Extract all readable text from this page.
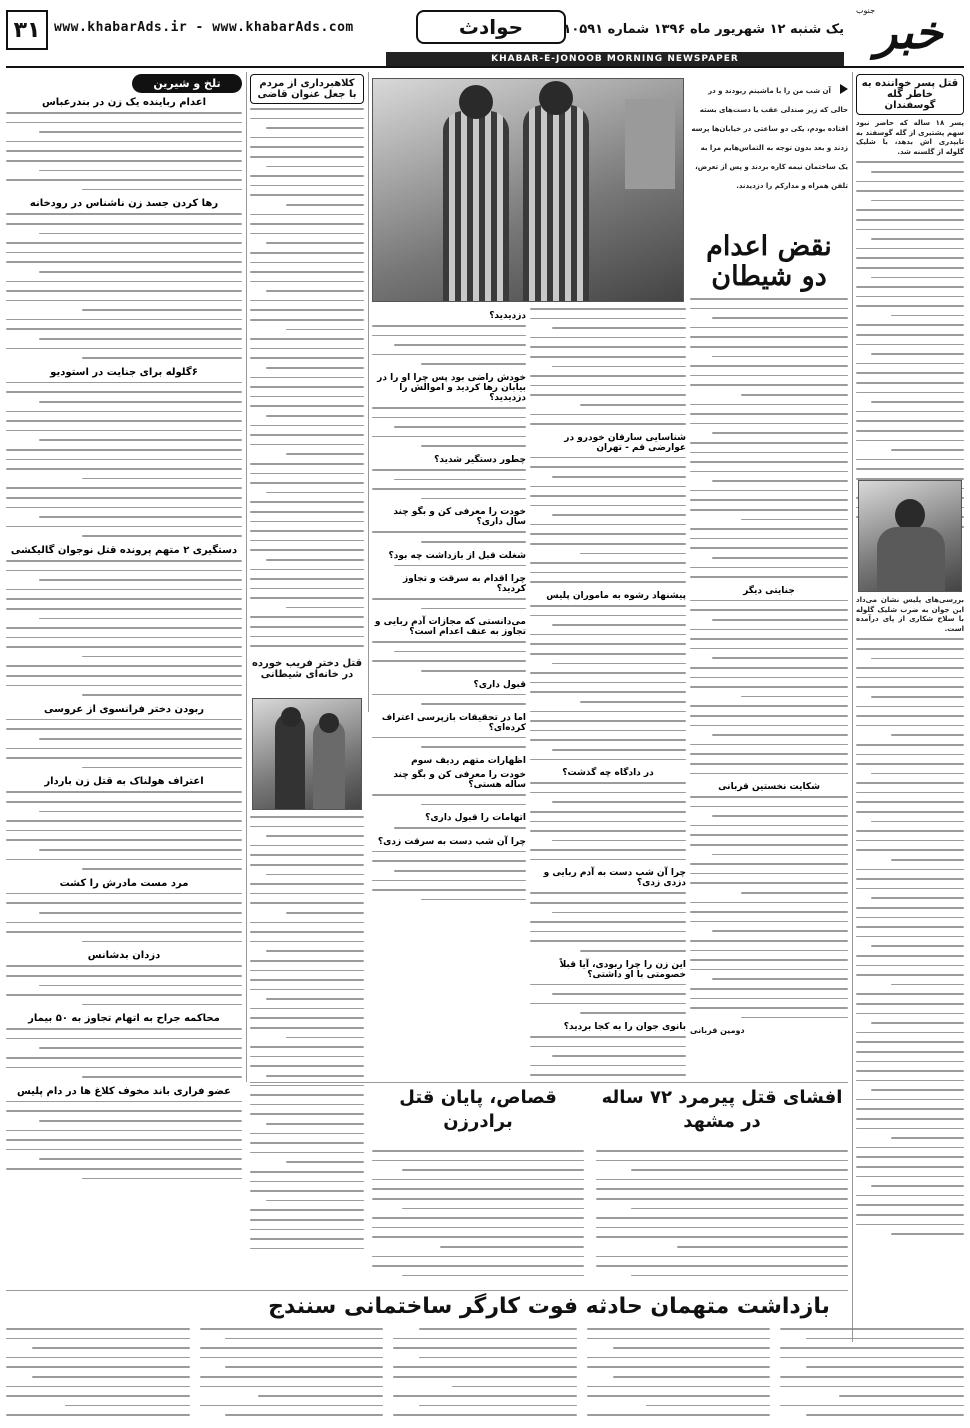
۳۱	www.khabarAds.ir - www.khabarAds.com	حوادث	یک شنبه ۱۲ شهریور ماه ۱۳۹۶ شماره ۱۰۵۹۱ خبر
جنوب
KHABAR-E-JONOOB MORNING NEWSPAPER
قتل پسر خواننده به خاطر گله گوسفندان
پسر ۱۸ ساله که حاضر نبود سهم پشتیری از گله گوسفند به تایپدری اش بدهد، با شلیک گلوله از گلسنه شد.
بررسی‌های پلیس نشان می‌داد این جوان به ضرب شلیک گلوله با سلاح شکاری از پای درآمده است.
آن شب من را با ماشینم ربودند و در حالی که زیر صندلی عقب یا دست‌های بسته افتاده بودم، یکی دو ساعتی در خیابان‌ها پرسه زدند و بعد بدون توجه به التماس‌هایم مرا به یک ساختمان نیمه کاره بردند و پس از تعرض، تلفن همراه و مدارکم را دزدیدند.
نقض اعدام دو شیطان
جنایتی دیگر
شکایت نخستین قربانی
دومین قربانی
شناسایی سارقان خودرو در عوارضی قم - تهران
پیشنهاد رشوه به ماموران پلیس
در دادگاه چه گذشت؟
چرا آن شب دست به آدم ربایی و دزدی زدی؟
این زن را چرا ربودی، آیا قبلاً خصومتی با او داشتی؟
بانوی جوان را به کجا بردید؟
دزدیدید؟
خودش راضی بود پس چرا او را در بیابان رها کردید و اموالش را دزدیدید؟
چطور دستگیر شدید؟
خودت را معرفی کن و بگو چند سال داری؟
شغلت قبل از بازداشت چه بود؟
چرا اقدام به سرقت و تجاوز کردید؟
می‌دانستی که مجازات آدم ربایی و تجاوز به عنف اعدام است؟
قبول داری؟
اما در تحقیقات بازپرسی اعتراف کرده‌ای؟
اظهارات متهم ردیف سوم
خودت را معرفی کن و بگو چند ساله هستی؟
اتهامات را قبول داری؟
چرا آن شب دست به سرقت زدی؟
کلاهبرداری از مردم
با جعل عنوان قاضی
قتل دختر فریب خورده
در خانه‌ای شیطانی
تلخ و شیرین
اعدام رباینده یک زن در بندرعباس
رها کردن جسد زن ناشناس در رودخانه
۶گلوله برای جنایت در استودیو
دستگیری ۲ متهم پرونده قتل نوجوان گالیکشی
ربودن دختر فرانسوی از عروسی
اعتراف هولناک به قتل زن باردار
مرد مست مادرش را کشت
دزدان بدشانس
محاکمه جراح به اتهام تجاوز به ۵۰ بیمار
عضو فراری باند مخوف کلاغ ها در دام پلیس	قصاص، پایان قتل برادرزن
افشای قتل پیرمرد ۷۲ ساله در مشهد
بازداشت متهمان حادثه فوت کارگر ساختمانی سنندج
